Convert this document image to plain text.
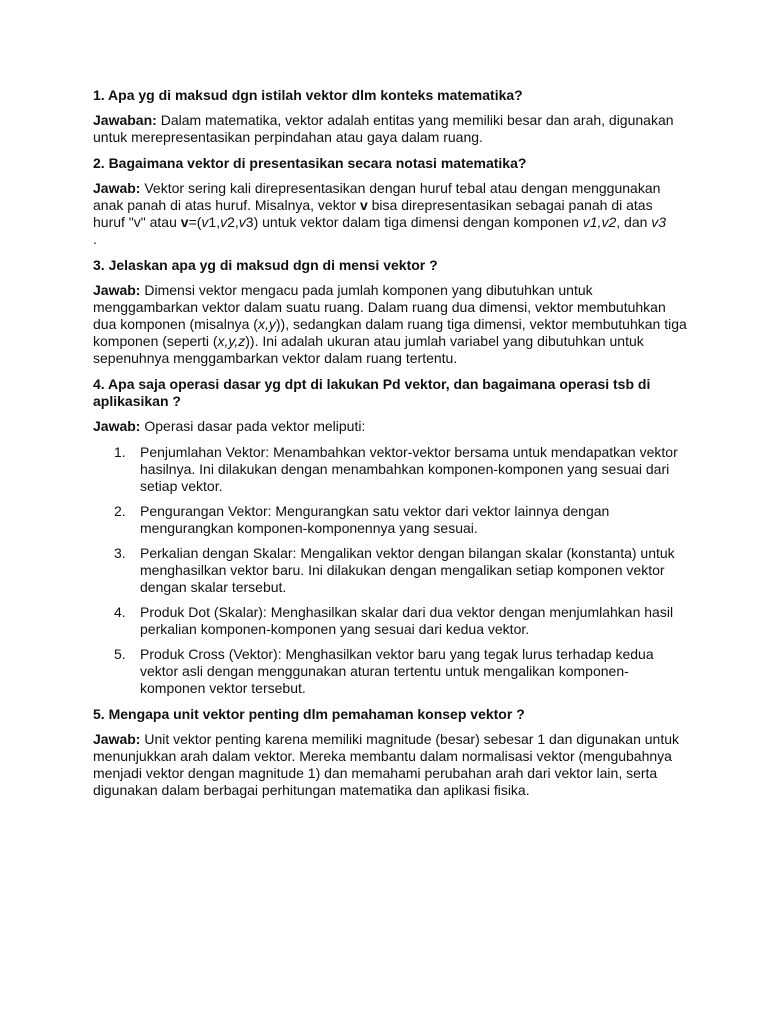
1. Apa yg di maksud dgn istilah vektor dlm konteks matematika?

Jawaban: Dalam matematika, vektor adalah entitas yang memiliki besar dan arah, digunakan untuk merepresentasikan perpindahan atau gaya dalam ruang.

2. Bagaimana vektor di presentasikan secara notasi matematika?

Jawab: Vektor sering kali direpresentasikan dengan huruf tebal atau dengan menggunakan anak panah di atas huruf. Misalnya, vektor v bisa direpresentasikan sebagai panah di atas huruf "v" atau v=(v1,v2,v3) untuk vektor dalam tiga dimensi dengan komponen v1,v2, dan v3
.

3. Jelaskan apa yg di maksud dgn di mensi vektor ?

Jawab: Dimensi vektor mengacu pada jumlah komponen yang dibutuhkan untuk menggambarkan vektor dalam suatu ruang. Dalam ruang dua dimensi, vektor membutuhkan dua komponen (misalnya (x,y)), sedangkan dalam ruang tiga dimensi, vektor membutuhkan tiga komponen (seperti (x,y,z)). Ini adalah ukuran atau jumlah variabel yang dibutuhkan untuk sepenuhnya menggambarkan vektor dalam ruang tertentu.

4. Apa saja operasi dasar yg dpt di lakukan Pd vektor, dan bagaimana operasi tsb di aplikasikan ?

Jawab: Operasi dasar pada vektor meliputi:

1. Penjumlahan Vektor: Menambahkan vektor-vektor bersama untuk mendapatkan vektor hasilnya. Ini dilakukan dengan menambahkan komponen-komponen yang sesuai dari setiap vektor.
2. Pengurangan Vektor: Mengurangkan satu vektor dari vektor lainnya dengan mengurangkan komponen-komponennya yang sesuai.
3. Perkalian dengan Skalar: Mengalikan vektor dengan bilangan skalar (konstanta) untuk menghasilkan vektor baru. Ini dilakukan dengan mengalikan setiap komponen vektor dengan skalar tersebut.
4. Produk Dot (Skalar): Menghasilkan skalar dari dua vektor dengan menjumlahkan hasil perkalian komponen-komponen yang sesuai dari kedua vektor.
5. Produk Cross (Vektor): Menghasilkan vektor baru yang tegak lurus terhadap kedua vektor asli dengan menggunakan aturan tertentu untuk mengalikan komponen-komponen vektor tersebut.

5. Mengapa unit vektor penting dlm pemahaman konsep vektor ?

Jawab: Unit vektor penting karena memiliki magnitude (besar) sebesar 1 dan digunakan untuk menunjukkan arah dalam vektor. Mereka membantu dalam normalisasi vektor (mengubahnya menjadi vektor dengan magnitude 1) dan memahami perubahan arah dari vektor lain, serta digunakan dalam berbagai perhitungan matematika dan aplikasi fisika.
